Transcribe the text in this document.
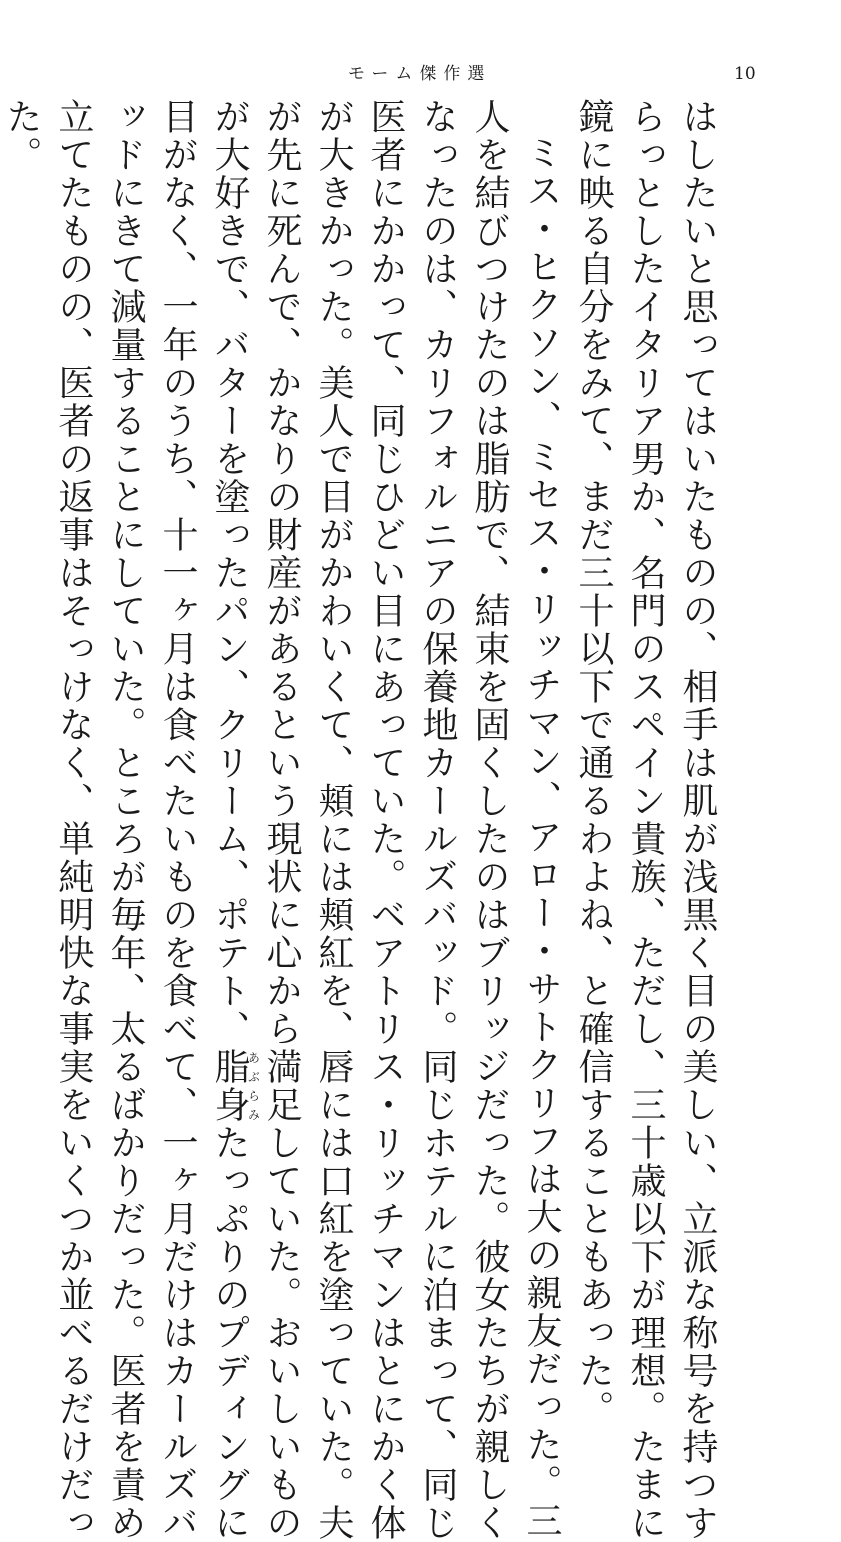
モーム傑作選	10

はしたいと思ってはいたものの、相手は肌が浅黒く目の美しい、立派な称号を持つす
らっとしたイタリア男か、名門のスペイン貴族、ただし、三十歳以下が理想。たまに
鏡に映る自分をみて、まだ三十以下で通るわよね、と確信することもあった。

ミス・ヒクソン、ミセス・リッチマン、アロー・サトクリフは大の親友だった。三
人を結びつけたのは脂肪で、結束を固くしたのはブリッジだった。彼女たちが親しく
なったのは、カリフォルニアの保養地カールズバッド。同じホテルに泊まって、同じ
医者にかかって、同じひどい目にあっていた。ベアトリス・リッチマンはとにかく体
が大きかった。美人で目がかわいくて、頬には頬紅を、唇には口紅を塗っていた。夫
が先に死んで、かなりの財産があるという現状に心から満足していた。おいしいもの
が大好きで、バターを塗ったパン、クリーム、ポテト、脂身あぶらみたっぷりのプディングに
目がなく、一年のうち、十一ヶ月は食べたいものを食べて、一ヶ月だけはカールズバ
ッドにきて減量することにしていた。ところが毎年、太るばかりだった。医者を責め
立てたものの、医者の返事はそっけなく、単純明快な事実をいくつか並べるだけだっ
た。
